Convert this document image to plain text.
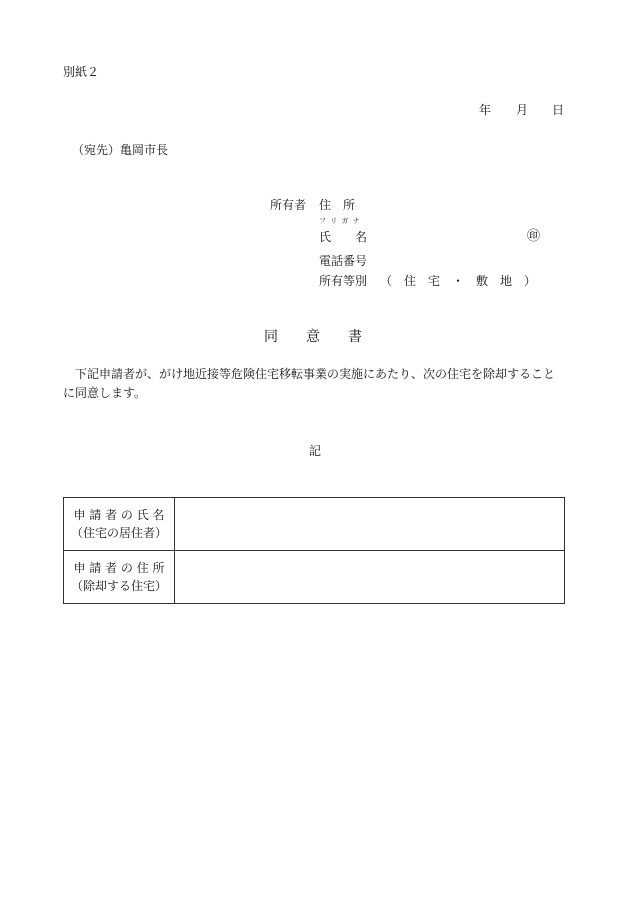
別紙２
年 月 日
（宛先）亀岡市長
所有者 住　所
フ リ ガ ナ
氏　　名	㊞
電話番号
所有等別 （　住　宅　・　敷　地　）
同　　意　　書
下記申請者が、がけ地近接等危険住宅移転事業の実施にあたり、次の住宅を除却すること
に同意します。
記
申 請 者 の 氏 名
（住宅の居住者）	

申 請 者 の 住 所
（除却する住宅）	
